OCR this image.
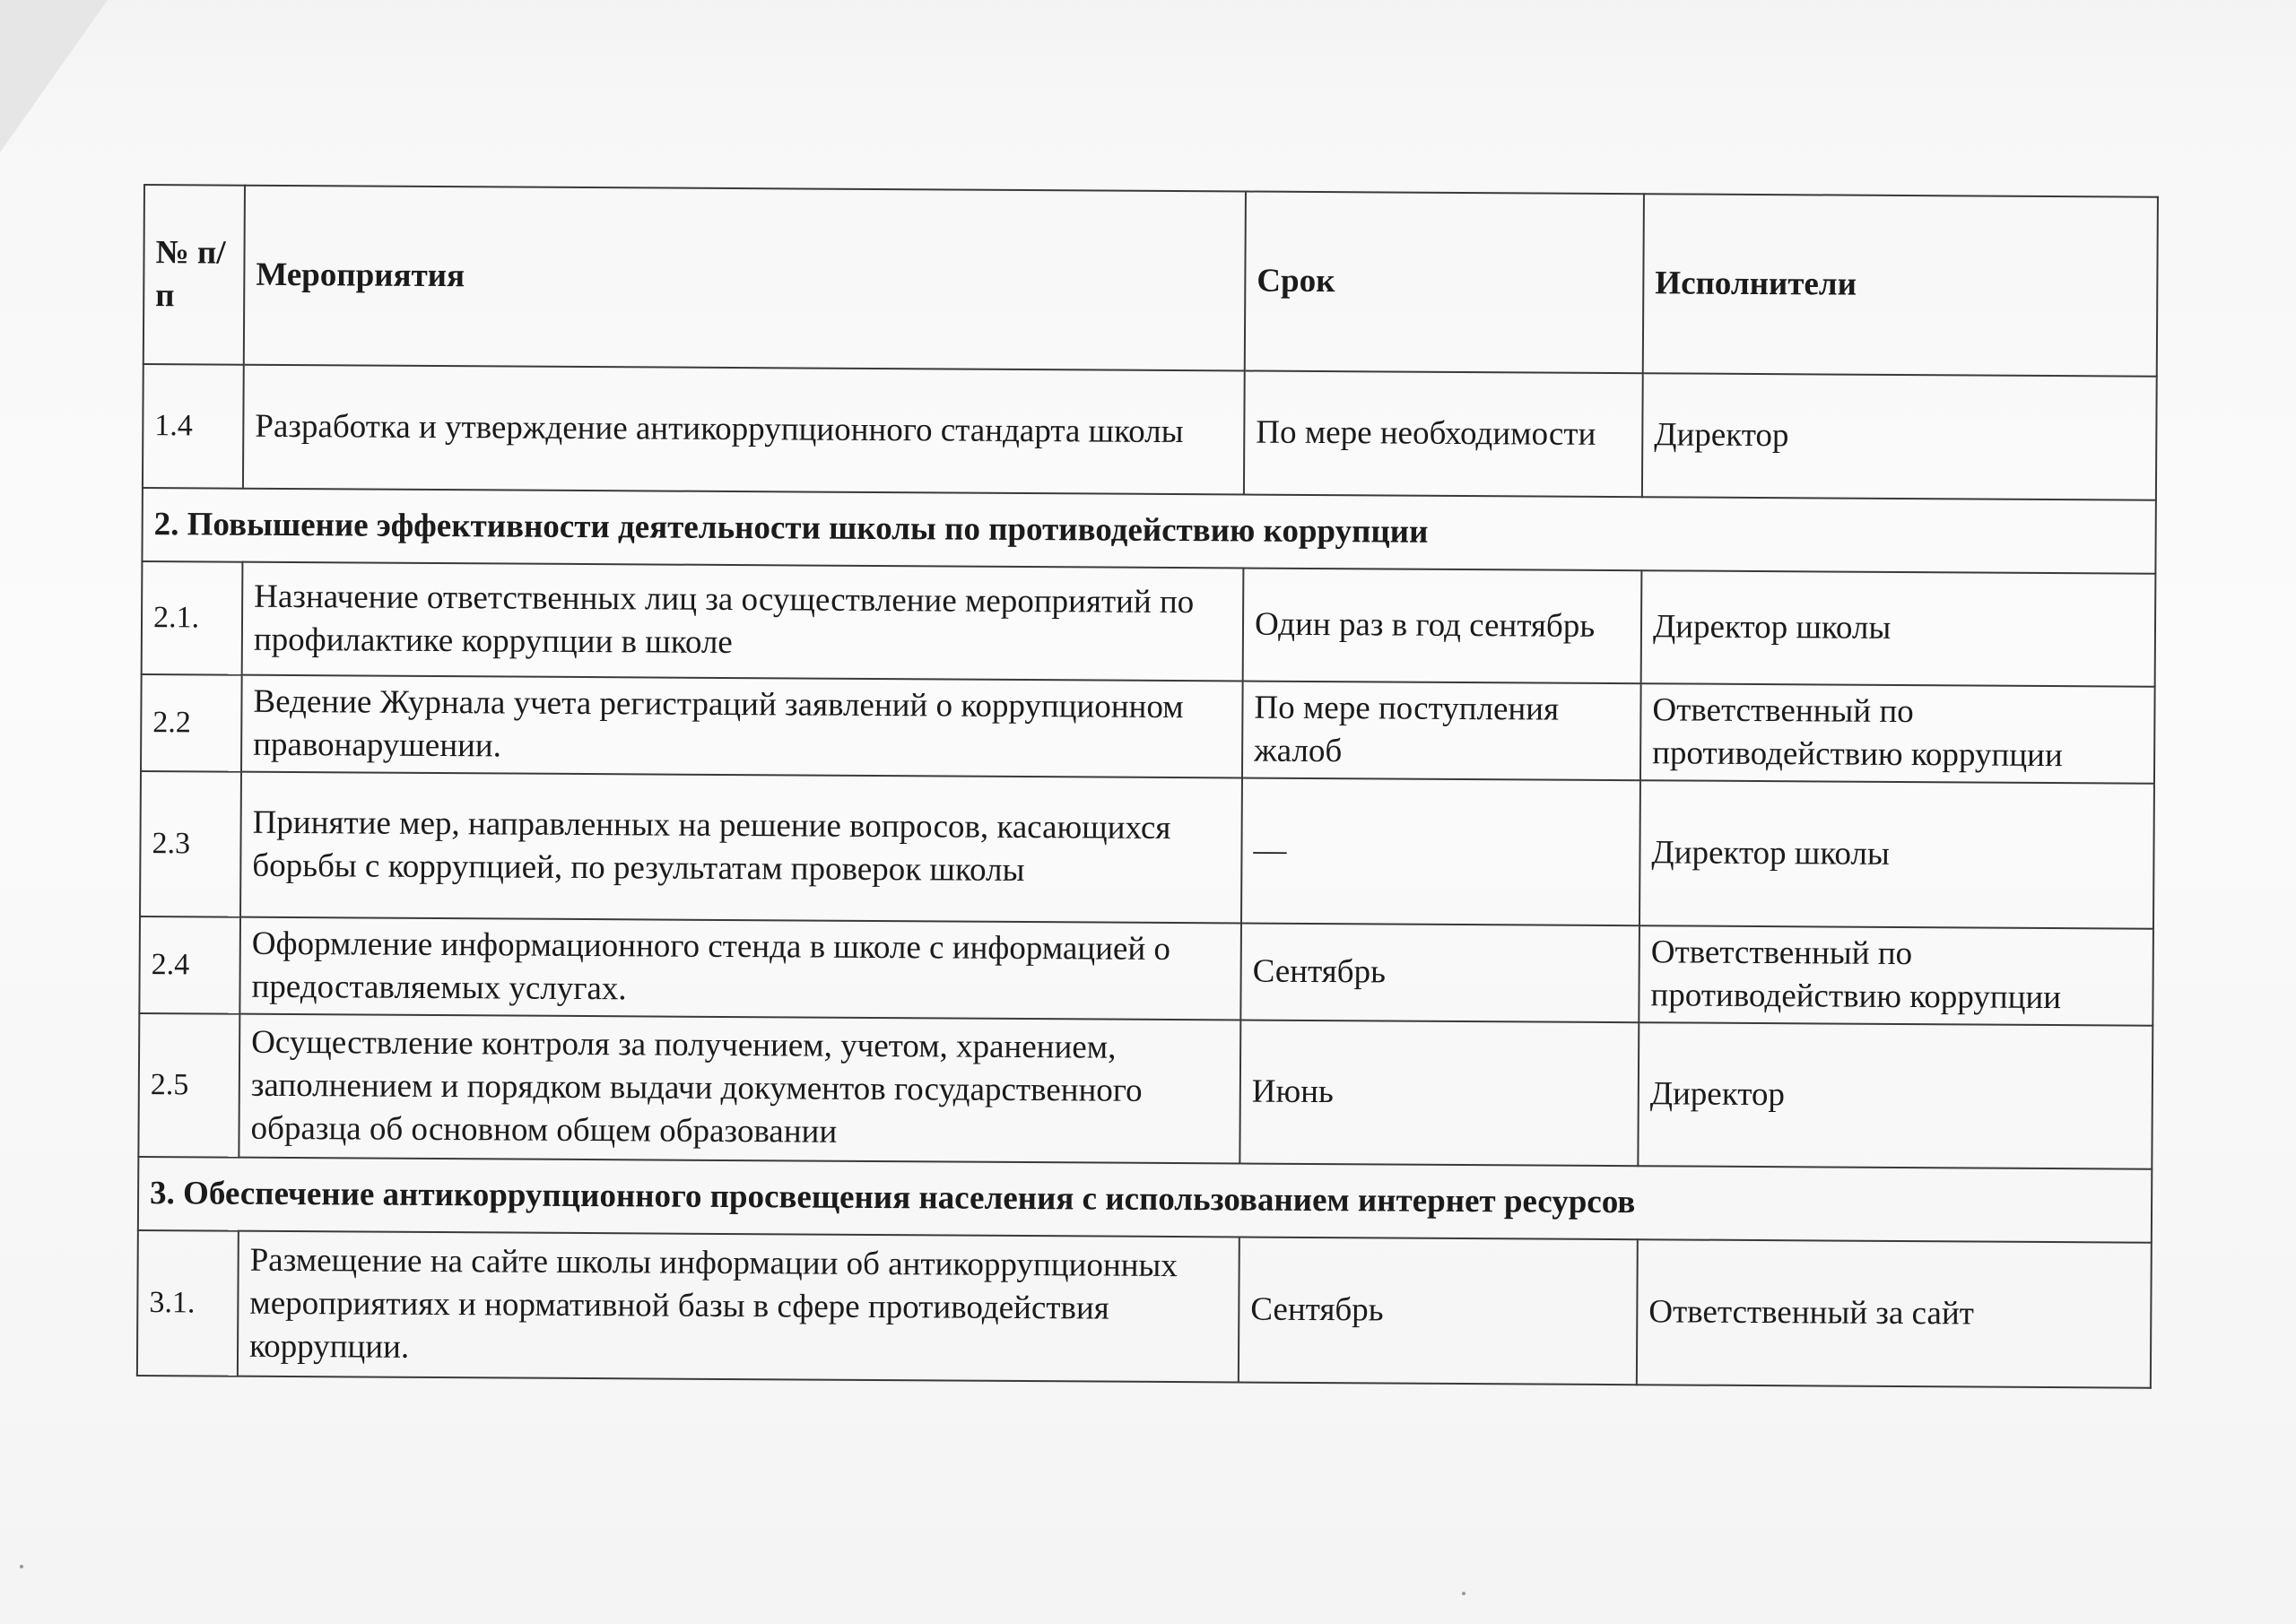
№ п/п	Мероприятия	Срок	Исполнители
1.4	Разработка и утверждение антикоррупционного стандарта школы	По мере необходимости	Директор
2. Повышение эффективности деятельности школы по противодействию коррупции			
2.1.	Назначение ответственных лиц за осуществление мероприятий по профилактике коррупции в школе	Один раз в год сентябрь	Директор школы
2.2	Ведение Журнала учета регистраций заявлений о коррупционном правонарушении.	По мере поступления жалоб	Ответственный по противодействию коррупции
2.3	Принятие мер, направленных на решение вопросов, касающихся борьбы с коррупцией, по результатам проверок школы	—	Директор школы
2.4	Оформление информационного стенда в школе с информацией о предоставляемых услугах.	Сентябрь	Ответственный по противодействию коррупции
2.5	Осуществление контроля за получением, учетом, хранением, заполнением и порядком выдачи документов государственного образца об основном общем образовании	Июнь	Директор
3. Обеспечение антикоррупционного просвещения населения с использованием интернет ресурсов			
3.1.	Размещение на сайте школы информации об антикоррупционных мероприятиях и нормативной базы в сфере противодействия коррупции.	Сентябрь	Ответственный за сайт
